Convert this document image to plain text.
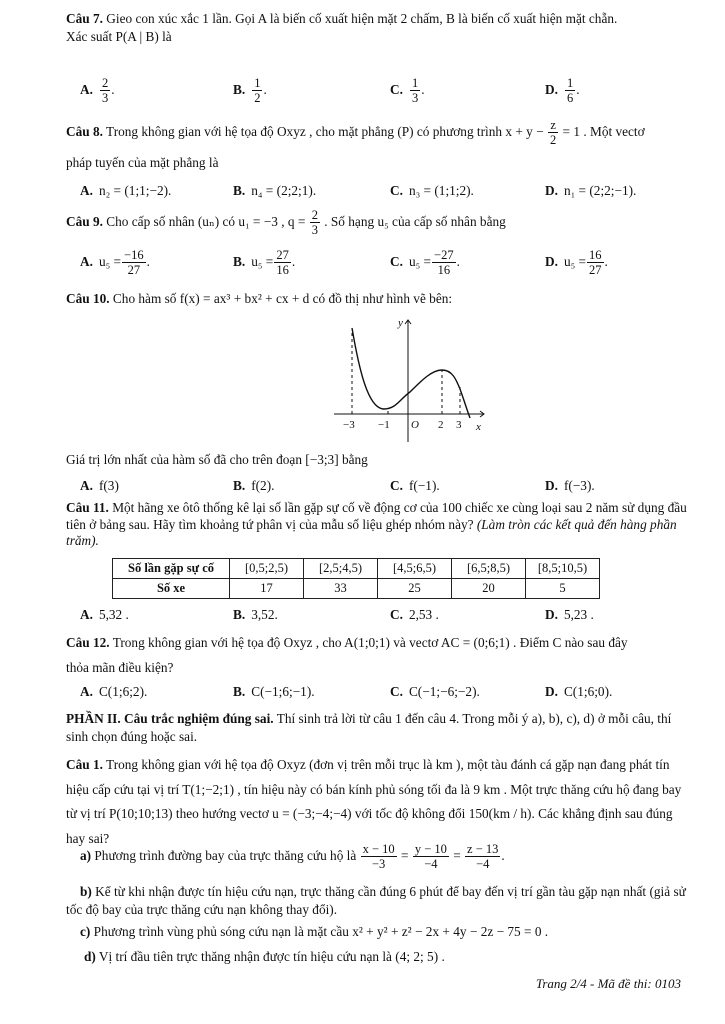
Câu 7. Gieo con xúc xắc 1 lần. Gọi A là biến cố xuất hiện mặt 2 chấm, B là biến cố xuất hiện mặt chẵn.
Xác suất P(A | B) là
A. $\frac{2}{3}$ .	B. $\frac{1}{2}$ .	C. $\frac{1}{3}$ .	D. $\frac{1}{6}$ .
Câu 8. Trong không gian với hệ tọa độ Oxyz , cho mặt phẳng (P) có phương trình $x + y - \frac{z}{2} = 1$ . Một vectơ
pháp tuyến của mặt phẳng là
A. n₂ = (1;1;−2).	B. n₄ = (2;2;1).	C. n₃ = (1;1;2).	D. n₁ = (2;2;−1).
Câu 9. Cho cấp số nhân (uₙ) có u₁ = −3 , $q = \frac{2}{3}$ . Số hạng u₅ của cấp số nhân bằng
A. $u_5 = \frac{-16}{27}$ .	B. $u_5 = \frac{27}{16}$ .	C. $u_5 = \frac{-27}{16}$ .	D. $u_5 = \frac{16}{27}$ .
Câu 10. Cho hàm số f(x) = ax³ + bx² + cx + d có đồ thị như hình vẽ bên:
y
x
O
−3 −1	2 3
Giá trị lớn nhất của hàm số đã cho trên đoạn [−3;3] bằng
A. f(3)	B. f(2).	C. f(−1).	D. f(−3).
Câu 11. Một hãng xe ôtô thống kê lại số lần gặp sự cố về động cơ của 100 chiếc xe cùng loại sau 2 năm sử dụng đầu tiên ở bảng sau. Hãy tìm khoảng tứ phân vị của mẫu số liệu ghép nhóm này? (Làm tròn các kết quả đến hàng phần trăm).
Số lần gặp sự cố	[0,5;2,5)	[2,5;4,5)	[4,5;6,5)	[6,5;8,5)	[8,5;10,5)
Số xe	17	33	25	20	5
A. 5,32 .	B. 3,52.	C. 2,53 .	D. 5,23 .
Câu 12. Trong không gian với hệ tọa độ Oxyz , cho A(1;0;1) và vectơ AC = (0;6;1) . Điểm C nào sau đây
thỏa mãn điều kiện?
A. C(1;6;2).	B. C(−1;6;−1).	C. C(−1;−6;−2).	D. C(1;6;0).
PHẦN II. Câu trắc nghiệm đúng sai. Thí sinh trả lời từ câu 1 đến câu 4. Trong mỗi ý a), b), c), d) ở mỗi câu, thí sinh chọn đúng hoặc sai.
Câu 1. Trong không gian với hệ tọa độ Oxyz (đơn vị trên mỗi trục là km ), một tàu đánh cá gặp nạn đang phát tín hiệu cấp cứu tại vị trí T(1;−2;1) , tín hiệu này có bán kính phủ sóng tối đa là 9 km . Một trực thăng cứu hộ đang bay từ vị trí P(10;10;13) theo hướng vectơ u = (−3;−4;−4) với tốc độ không đổi 150(km / h). Các khẳng định sau đúng hay sai?
a) Phương trình đường bay của trực thăng cứu hộ là $\frac{x - 10}{-3} = \frac{y - 10}{-4} = \frac{z - 13}{-4}$ .
b) Kể từ khi nhận được tín hiệu cứu nạn, trực thăng cần đúng 6 phút để bay đến vị trí gần tàu gặp nạn nhất (giả sử tốc độ bay của trực thăng cứu nạn không thay đổi).
c) Phương trình vùng phủ sóng cứu nạn là mặt cầu x² + y² + z² − 2x + 4y − 2z − 75 = 0 .
d) Vị trí đầu tiên trực thăng nhận được tín hiệu cứu nạn là (4; 2; 5) .
Trang 2/4 - Mã đề thi: 0103
